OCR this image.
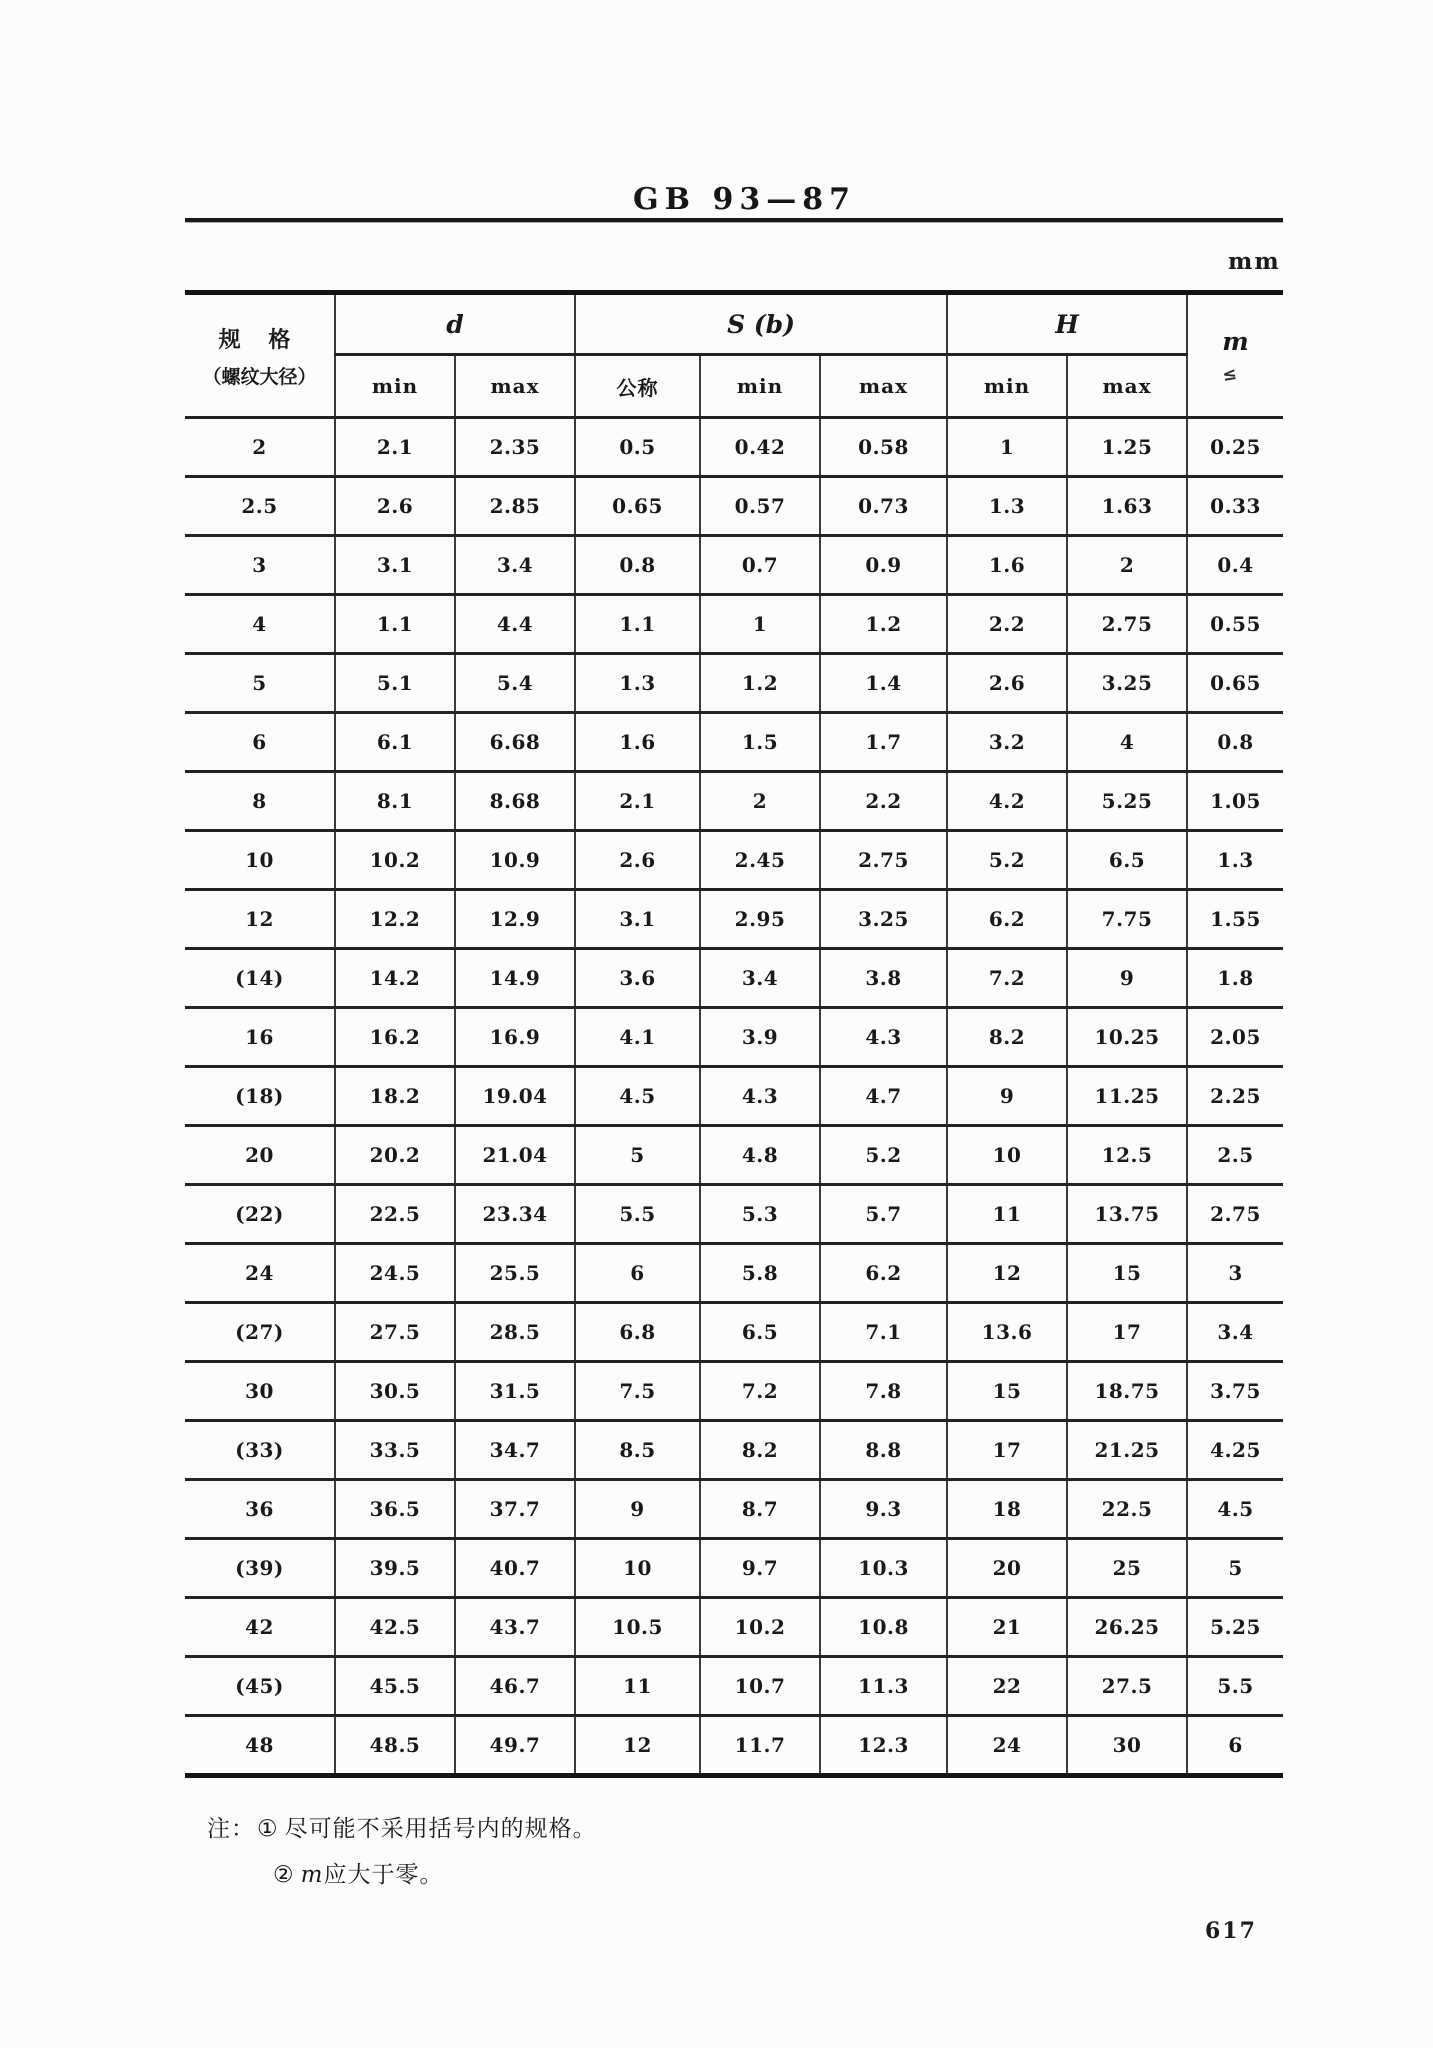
GB 93—87
mm
规 格
（螺纹大径）	d		S (b)			H		m
≤

	min	max	公称	min	max	min	max	
2	2.1	2.35	0.5	0.42	0.58	1	1.25	0.25
2.5	2.6	2.85	0.65	0.57	0.73	1.3	1.63	0.33
3	3.1	3.4	0.8	0.7	0.9	1.6	2	0.4
4	1.1	4.4	1.1	1	1.2	2.2	2.75	0.55
5	5.1	5.4	1.3	1.2	1.4	2.6	3.25	0.65
6	6.1	6.68	1.6	1.5	1.7	3.2	4	0.8
8	8.1	8.68	2.1	2	2.2	4.2	5.25	1.05
10	10.2	10.9	2.6	2.45	2.75	5.2	6.5	1.3
12	12.2	12.9	3.1	2.95	3.25	6.2	7.75	1.55
(14)	14.2	14.9	3.6	3.4	3.8	7.2	9	1.8
16	16.2	16.9	4.1	3.9	4.3	8.2	10.25	2.05
(18)	18.2	19.04	4.5	4.3	4.7	9	11.25	2.25
20	20.2	21.04	5	4.8	5.2	10	12.5	2.5
(22)	22.5	23.34	5.5	5.3	5.7	11	13.75	2.75
24	24.5	25.5	6	5.8	6.2	12	15	3
(27)	27.5	28.5	6.8	6.5	7.1	13.6	17	3.4
30	30.5	31.5	7.5	7.2	7.8	15	18.75	3.75
(33)	33.5	34.7	8.5	8.2	8.8	17	21.25	4.25
36	36.5	37.7	9	8.7	9.3	18	22.5	4.5
(39)	39.5	40.7	10	9.7	10.3	20	25	5
42	42.5	43.7	10.5	10.2	10.8	21	26.25	5.25
(45)	45.5	46.7	11	10.7	11.3	22	27.5	5.5
48	48.5	49.7	12	11.7	12.3	24	30	6
注：① 尽可能不采用括号内的规格。
② m应大于零。
617
